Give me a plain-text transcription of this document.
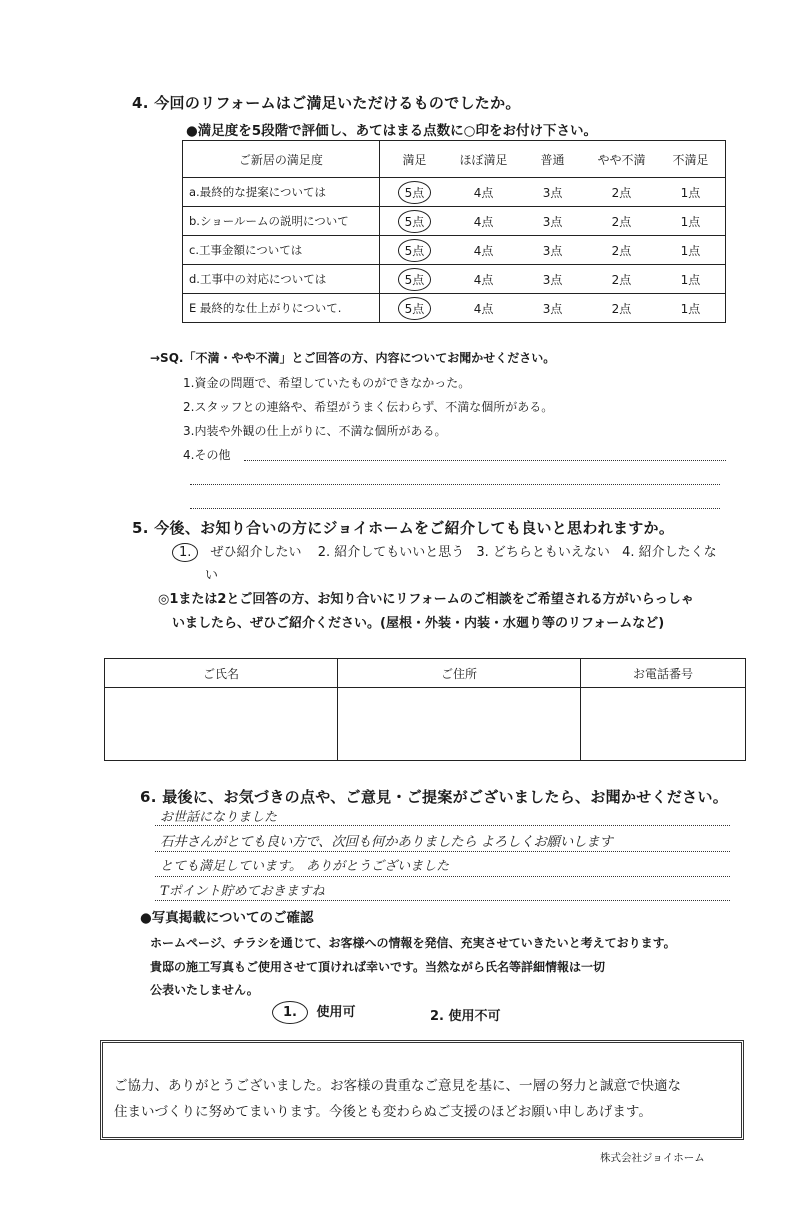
4. 今回のリフォームはご満足いただけるものでしたか。
●満足度を5段階で評価し、あてはまる点数に○印をお付け下さい。
ご新居の満足度	満足	ほぼ満足	普通	やや不満	不満足
a.最終的な提案については	5点	4点	3点	2点	1点
b.ショールームの説明について	5点	4点	3点	2点	1点
c.工事金額については	5点	4点	3点	2点	1点
d.工事中の対応については	5点	4点	3点	2点	1点
E 最終的な仕上がりについて.	5点	4点	3点	2点	1点
→SQ.「不満・やや不満」とご回答の方、内容についてお聞かせください。
1.資金の問題で、希望していたものができなかった。
2.スタッフとの連絡や、希望がうまく伝わらず、不満な個所がある。
3.内装や外観の仕上がりに、不満な個所がある。
4.その他
5. 今後、お知り合いの方にジョイホームをご紹介しても良いと思われますか。
1. ぜひ紹介したい 2. 紹介してもいいと思う 3. どちらともいえない 4. 紹介したくな
い
◎1または2とご回答の方、お知り合いにリフォームのご相談をご希望される方がいらっしゃ
いましたら、ぜひご紹介ください。(屋根・外装・内装・水廻り等のリフォームなど)
ご氏名	ご住所	お電話番号

6. 最後に、お気づきの点や、ご意見・ご提案がございましたら、お聞かせください。
お世話になりました
石井さんがとても良い方で、次回も何かありましたら よろしくお願いします
とても満足しています。 ありがとうございました
Tポイント貯めておきますね
●写真掲載についてのご確認
ホームページ、チラシを通じて、お客様への情報を発信、充実させていきたいと考えております。
貴邸の施工写真もご使用させて頂ければ幸いです。当然ながら氏名等詳細情報は一切
公表いたしません。
1. 使用可	2. 使用不可
ご協力、ありがとうございました。お客様の貴重なご意見を基に、一層の努力と誠意で快適な
住まいづくりに努めてまいります。今後とも変わらぬご支援のほどお願い申しあげます。
株式会社ジョイホーム
